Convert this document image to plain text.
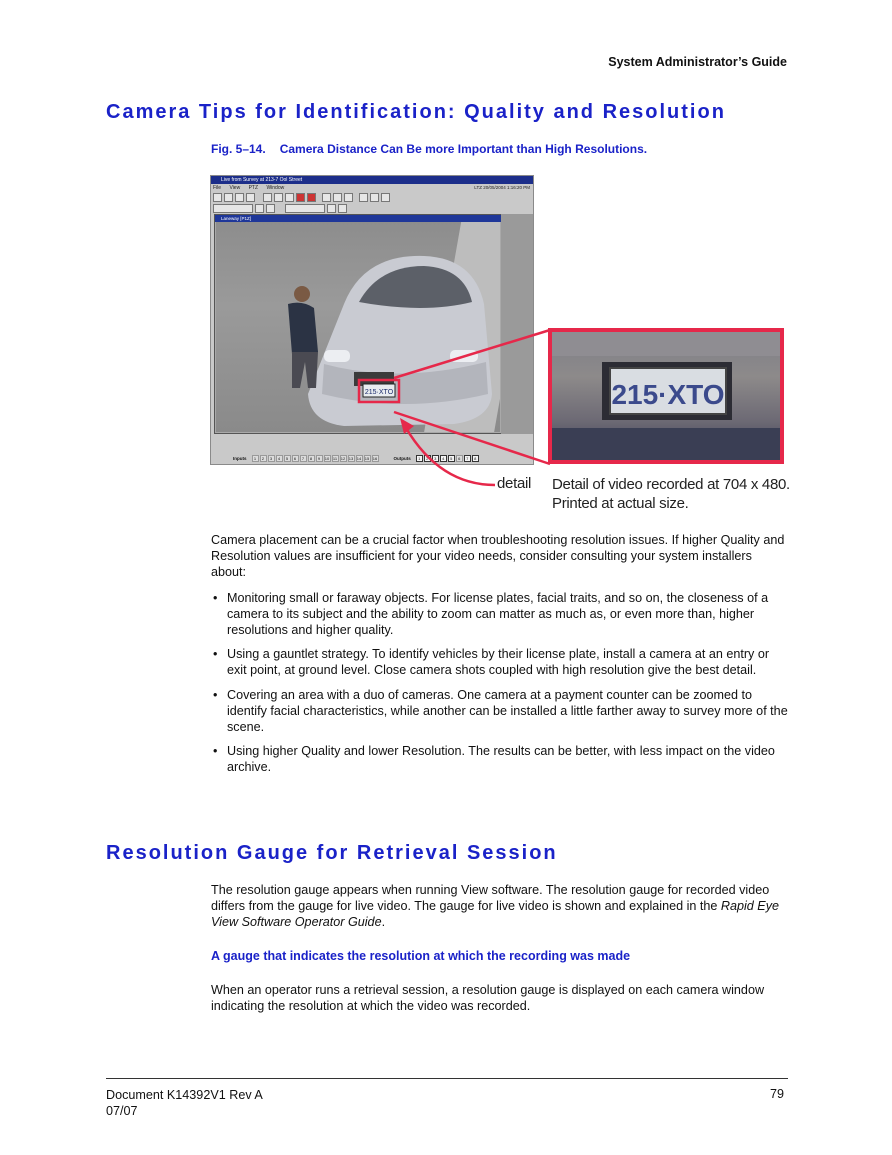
System Administrator’s Guide
Camera Tips for Identification: Quality and Resolution
Fig. 5–14. Camera Distance Can Be more Important than High Resolutions.
Live from Survey at 213-7 Ool Street
File View PTZ Window	LTZ 20/05/2004 1:16:20 PM
Laneway [P1Z]
215·XTO
Inputs	1	2	3	4	5	6	7	8	9	10 11 12 13 14 15 16	Outputs	1	2	3	4	5	6	7	8
215·XTO
detail Detail of video recorded at 704 x 480.
Printed at actual size.

Camera placement can be a crucial factor when troubleshooting resolution issues. If higher Quality and Resolution values are insufficient for your video needs, consider consulting your system installers about:

• Monitoring small or faraway objects. For license plates, facial traits, and so on, the closeness of a camera to its subject and the ability to zoom can matter as much as, or even more than, higher resolutions and higher quality.
• Using a gauntlet strategy. To identify vehicles by their license plate, install a camera at an entry or exit point, at ground level. Close camera shots coupled with high resolution give the best detail.
• Covering an area with a duo of cameras. One camera at a payment counter can be zoomed to identify facial characteristics, while another can be installed a little farther away to survey more of the scene.
• Using higher Quality and lower Resolution. The results can be better, with less impact on the video archive.
Resolution Gauge for Retrieval Session

The resolution gauge appears when running View software. The resolution gauge for recorded video differs from the gauge for live video. The gauge for live video is shown and explained in the Rapid Eye View Software Operator Guide.

A gauge that indicates the resolution at which the recording was made

When an operator runs a retrieval session, a resolution gauge is displayed on each camera window indicating the resolution at which the video was recorded.

Document K14392V1 Rev A
07/07
79
